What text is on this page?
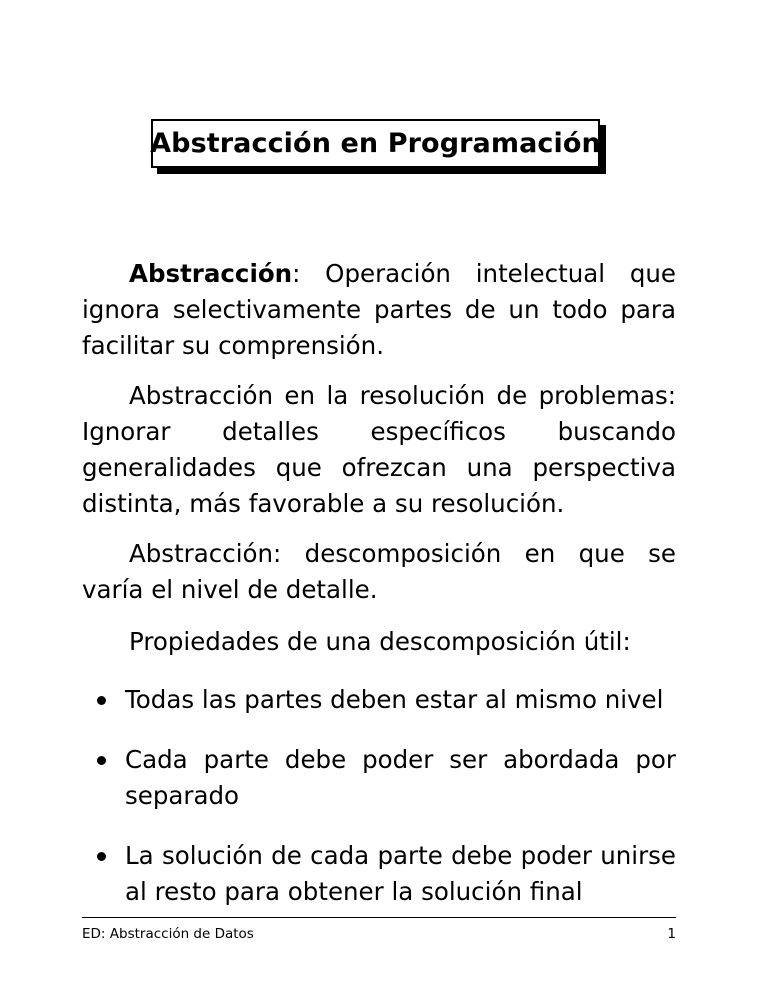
Abstracción en Programación

Abstracción: Operación intelectual que ignora selectivamente partes de un todo para facilitar su comprensión.

Abstracción en la resolución de problemas: Ignorar detalles específicos buscando generalidades que ofrezcan una perspectiva distinta, más favorable a su resolución.

Abstracción: descomposición en que se varía el nivel de detalle.

Propiedades de una descomposición útil:

Todas las partes deben estar al mismo nivel
Cada parte debe poder ser abordada por separado
La solución de cada parte debe poder unirse al resto para obtener la solución final
ED: Abstracción de Datos	1
